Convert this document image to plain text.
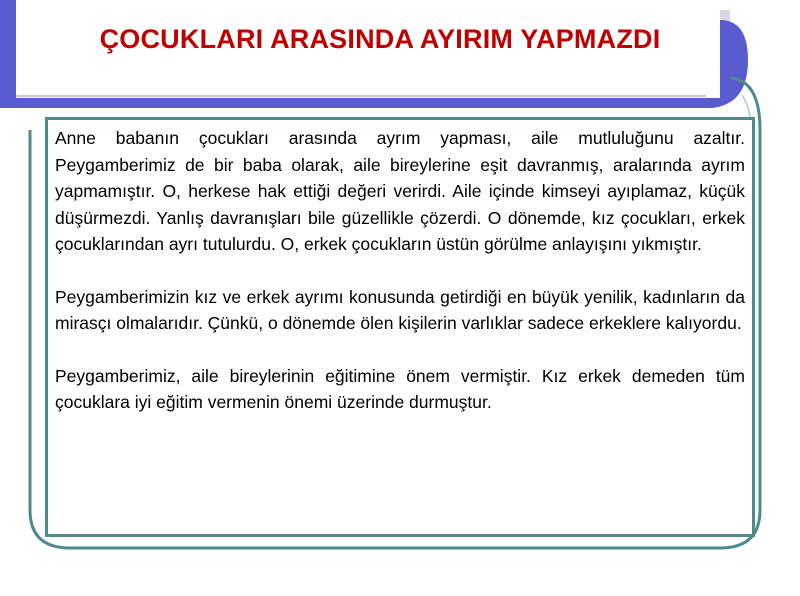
ÇOCUKLARI ARASINDA AYIRIM YAPMAZDI

Anne babanın çocukları arasında ayrım yapması, aile mutluluğunu azaltır. Peygamberimiz de bir baba olarak, aile bireylerine eşit davranmış, aralarında ayrım yapmamıştır. O, herkese hak ettiği değeri verirdi. Aile içinde kimseyi ayıplamaz, küçük düşürmezdi. Yanlış davranışları bile güzellikle çözerdi. O dönemde, kız çocukları, erkek çocuklarından ayrı tutulurdu. O, erkek çocukların üstün görülme anlayışını yıkmıştır.

Peygamberimizin kız ve erkek ayrımı konusunda getirdiği en büyük yenilik, kadınların da mirasçı olmalarıdır. Çünkü, o dönemde ölen kişilerin varlıklar sadece erkeklere kalıyordu.

Peygamberimiz, aile bireylerinin eğitimine önem vermiştir. Kız erkek demeden tüm çocuklara iyi eğitim vermenin önemi üzerinde durmuştur.
